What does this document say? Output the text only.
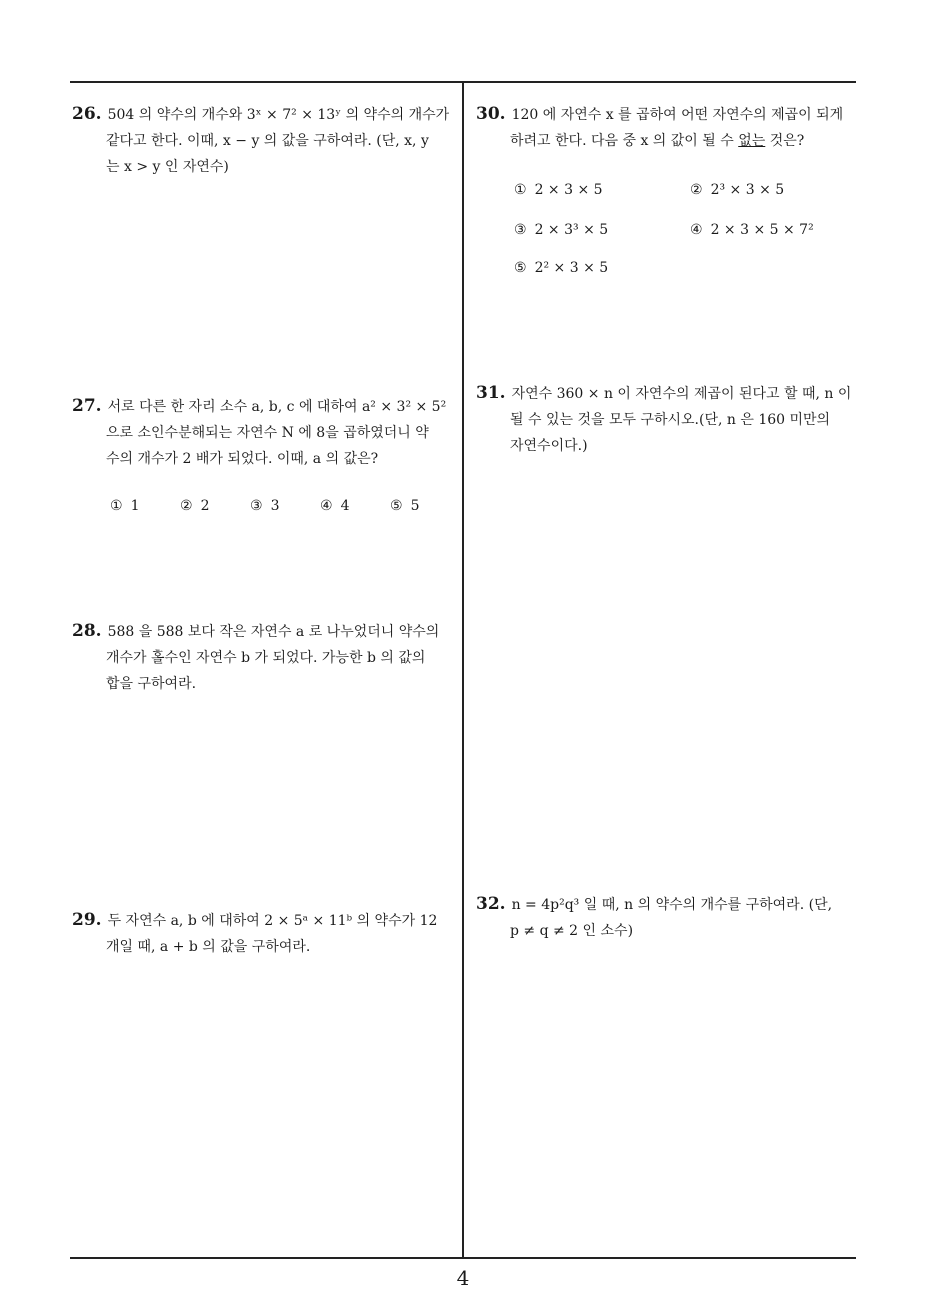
26. 504 의 약수의 개수와 3ˣ × 7² × 13ʸ 의 약수의 개수가
같다고 한다. 이때, x − y 의 값을 구하여라. (단, x, y
는 x > y 인 자연수)
27. 서로 다른 한 자리 소수 a, b, c 에 대하여 a² × 3² × 5²
으로 소인수분해되는 자연수 N 에 8을 곱하였더니 약
수의 개수가 2 배가 되었다. 이때, a 의 값은?
① 1	② 2	③ 3	④ 4	⑤ 5
28. 588 을 588 보다 작은 자연수 a 로 나누었더니 약수의
개수가 홀수인 자연수 b 가 되었다. 가능한 b 의 값의
합을 구하여라.
29. 두 자연수 a, b 에 대하여 2 × 5ᵃ × 11ᵇ 의 약수가 12
개일 때, a + b 의 값을 구하여라.
30. 120 에 자연수 x 를 곱하여 어떤 자연수의 제곱이 되게
하려고 한다. 다음 중 x 의 값이 될 수 없는 것은?
① 2 × 3 × 5	② 2³ × 3 × 5
③ 2 × 3³ × 5	④ 2 × 3 × 5 × 7²
⑤ 2² × 3 × 5
31. 자연수 360 × n 이 자연수의 제곱이 된다고 할 때, n 이
될 수 있는 것을 모두 구하시오.(단, n 은 160 미만의
자연수이다.)
32. n = 4p²q³ 일 때, n 의 약수의 개수를 구하여라. (단,
p ≠ q ≠ 2 인 소수)
4
